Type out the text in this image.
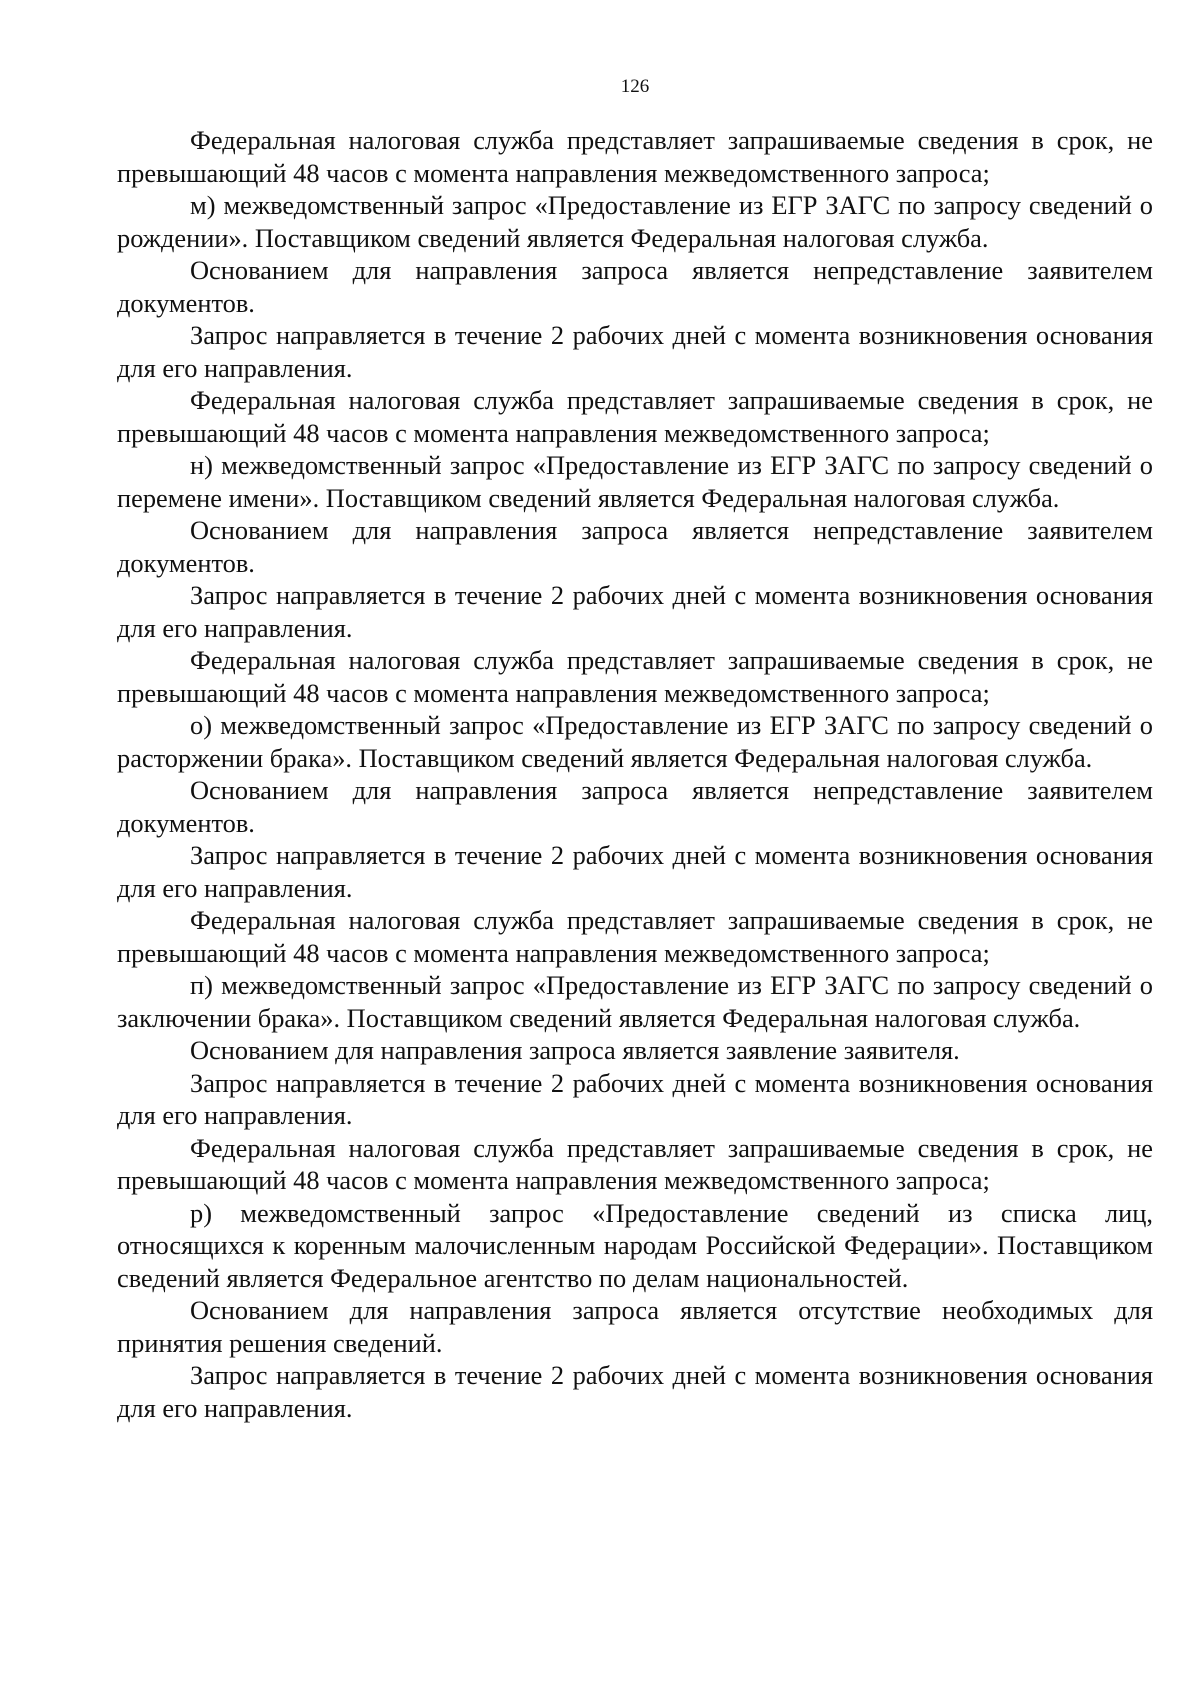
126

Федеральная налоговая служба представляет запрашиваемые сведения в срок, не превышающий 48 часов с момента направления межведомственного запроса;

м) межведомственный запрос «Предоставление из ЕГР ЗАГС по запросу сведений о рождении». Поставщиком сведений является Федеральная налоговая служба.

Основанием для направления запроса является непредставление заявителем документов.

Запрос направляется в течение 2 рабочих дней с момента возникновения основания для его направления.

Федеральная налоговая служба представляет запрашиваемые сведения в срок, не превышающий 48 часов с момента направления межведомственного запроса;

н) межведомственный запрос «Предоставление из ЕГР ЗАГС по запросу сведений о перемене имени». Поставщиком сведений является Федеральная налоговая служба.

Основанием для направления запроса является непредставление заявителем документов.

Запрос направляется в течение 2 рабочих дней с момента возникновения основания для его направления.

Федеральная налоговая служба представляет запрашиваемые сведения в срок, не превышающий 48 часов с момента направления межведомственного запроса;

о) межведомственный запрос «Предоставление из ЕГР ЗАГС по запросу сведений о расторжении брака». Поставщиком сведений является Федеральная налоговая служба.

Основанием для направления запроса является непредставление заявителем документов.

Запрос направляется в течение 2 рабочих дней с момента возникновения основания для его направления.

Федеральная налоговая служба представляет запрашиваемые сведения в срок, не превышающий 48 часов с момента направления межведомственного запроса;

п) межведомственный запрос «Предоставление из ЕГР ЗАГС по запросу сведений о заключении брака». Поставщиком сведений является Федеральная налоговая служба.

Основанием для направления запроса является заявление заявителя.

Запрос направляется в течение 2 рабочих дней с момента возникновения основания для его направления.

Федеральная налоговая служба представляет запрашиваемые сведения в срок, не превышающий 48 часов с момента направления межведомственного запроса;

р) межведомственный запрос «Предоставление сведений из списка лиц, относящихся к коренным малочисленным народам Российской Федерации». Поставщиком сведений является Федеральное агентство по делам национальностей.

Основанием для направления запроса является отсутствие необходимых для принятия решения сведений.

Запрос направляется в течение 2 рабочих дней с момента возникновения основания для его направления.
